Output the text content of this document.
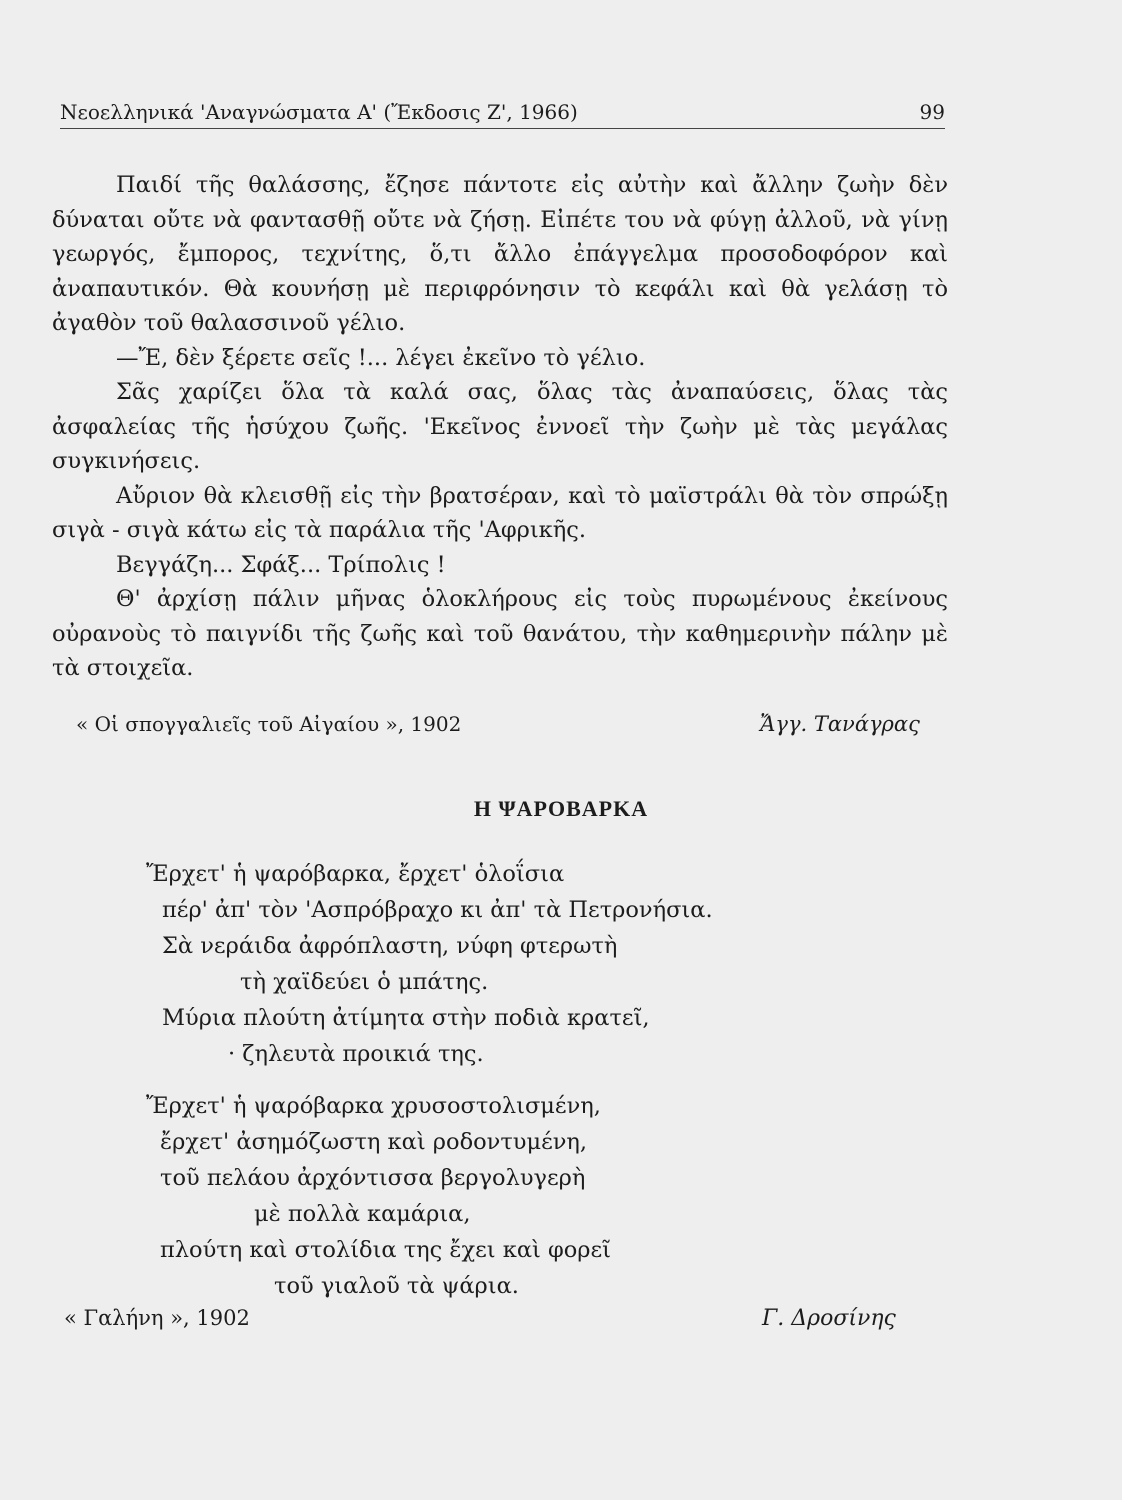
Νεοελληνικά 'Αναγνώσματα Α' (Ἔκδοσις Ζ', 1966)	99

Παιδί τῆς θαλάσσης, ἔζησε πάντοτε εἰς αὐτὴν καὶ ἄλλην ζωὴν δὲν δύναται οὔτε νὰ φαντασθῇ οὔτε νὰ ζήσῃ. Εἰπέτε του νὰ φύγῃ ἀλλοῦ, νὰ γίνῃ γεωργός, ἔμπορος, τεχνίτης, ὅ,τι ἄλλο ἐπάγγελμα προσοδοφόρον καὶ ἀναπαυτικόν. Θὰ κουνήσῃ μὲ περιφρόνησιν τὸ κεφάλι καὶ θὰ γελάσῃ τὸ ἀγαθὸν τοῦ θαλασσινοῦ γέλιο.

—Ἔ, δὲν ξέρετε σεῖς !... λέγει ἐκεῖνο τὸ γέλιο.

Σᾶς χαρίζει ὅλα τὰ καλά σας, ὅλας τὰς ἀναπαύσεις, ὅλας τὰς ἀσφαλείας τῆς ἡσύχου ζωῆς. 'Εκεῖνος ἐννοεῖ τὴν ζωὴν μὲ τὰς μεγάλας συγκινήσεις.

Αὔριον θὰ κλεισθῇ εἰς τὴν βρατσέραν, καὶ τὸ μαϊστράλι θὰ τὸν σπρώξῃ σιγὰ - σιγὰ κάτω εἰς τὰ παράλια τῆς 'Αφρικῆς.

Βεγγάζη... Σφάξ... Τρίπολις !

Θ' ἀρχίσῃ πάλιν μῆνας ὁλοκλήρους εἰς τοὺς πυρωμένους ἐκείνους οὐρανοὺς τὸ παιγνίδι τῆς ζωῆς καὶ τοῦ θανάτου, τὴν καθημερινὴν πάλην μὲ τὰ στοιχεῖα.

« Οἱ σπογγαλιεῖς τοῦ Αἰγαίου », 1902	Ἄγγ. Τανάγρας
Η ΨΑΡΟΒΑΡΚΑ
Ἔρχετ' ἡ ψαρόβαρκα, ἔρχετ' ὁλοΐσια
πέρ' ἀπ' τὸν 'Ασπρόβραχο κι ἀπ' τὰ Πετρονήσια.
Σὰ νεράιδα ἀφρόπλαστη, νύφη φτερωτὴ
τὴ χαϊδεύει ὁ μπάτης.
Μύρια πλούτη ἀτίμητα στὴν ποδιὰ κρατεῖ,
· ζηλευτὰ προικιά της.
Ἔρχετ' ἡ ψαρόβαρκα χρυσοστολισμένη,
ἔρχετ' ἀσημόζωστη καὶ ροδοντυμένη,
τοῦ πελάου ἀρχόντισσα βεργολυγερὴ
μὲ πολλὰ καμάρια,
πλούτη καὶ στολίδια της ἔχει καὶ φορεῖ
τοῦ γιαλοῦ τὰ ψάρια.
« Γαλήνη », 1902	Γ. Δροσίνης
